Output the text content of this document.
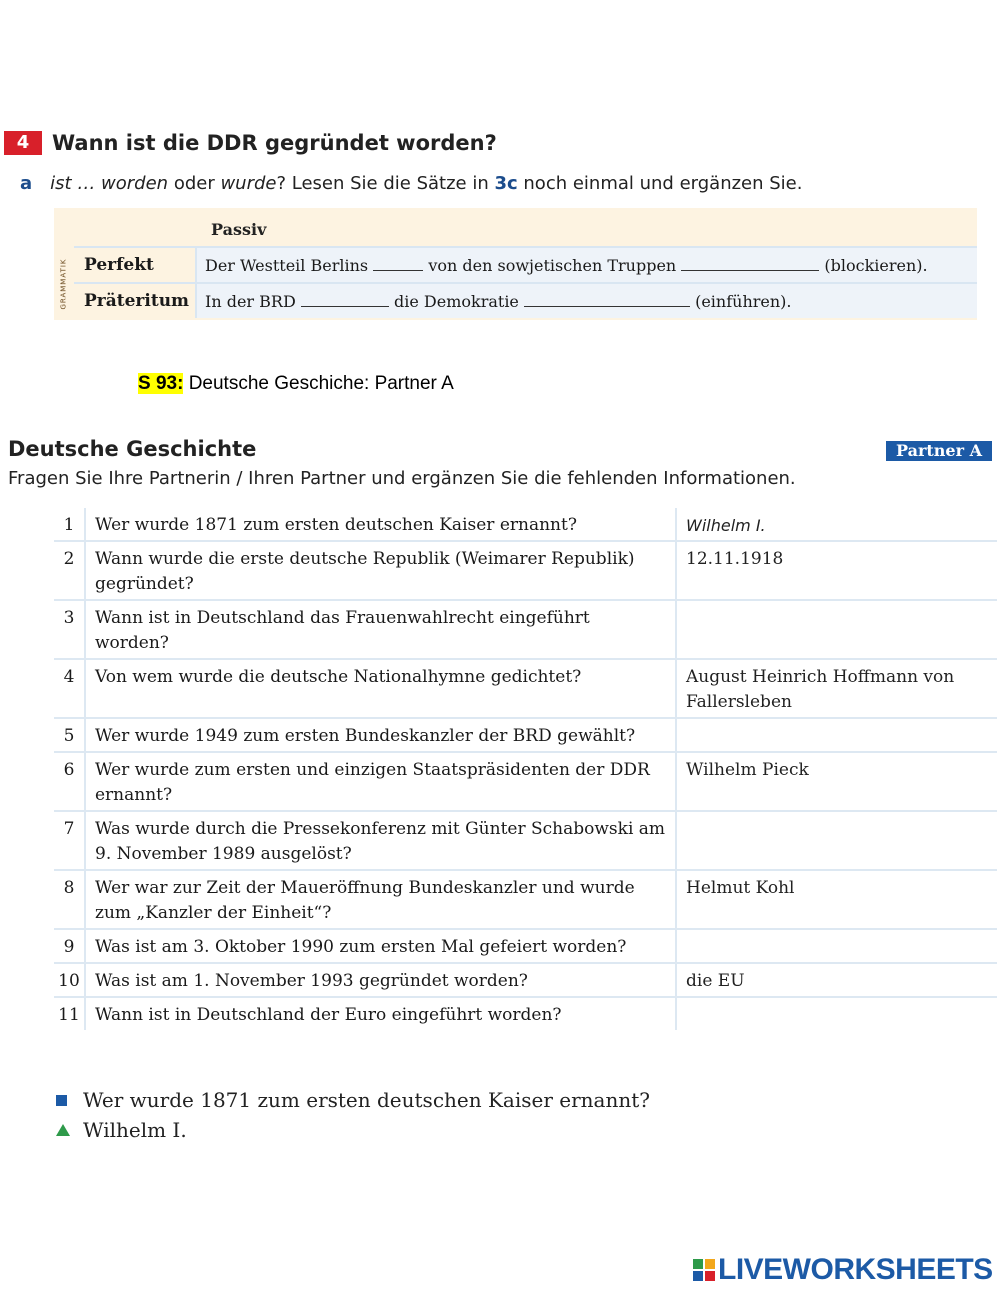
4	Wann ist die DDR gegründet worden?
a ist … worden oder wurde? Lesen Sie die Sätze in 3c noch einmal und ergänzen Sie.
GRAMMATIK
Passiv
Perfekt	Der Westteil Berlins	von den sowjetischen Truppen	(blockieren).
Präteritum In der BRD	die Demokratie	(einführen).
S 93: Deutsche Geschiche: Partner A
Deutsche Geschichte	Partner A
Fragen Sie Ihre Partnerin / Ihren Partner und ergänzen Sie die fehlenden Informationen.
1	Wer wurde 1871 zum ersten deutschen Kaiser ernannt?	Wilhelm I.
2	Wann wurde die erste deutsche Republik (Weimarer Republik) gegründet?	12.11.1918
3	Wann ist in Deutschland das Frauenwahlrecht eingeführt worden?	
4	Von wem wurde die deutsche Nationalhymne gedichtet?	August Heinrich Hoffmann von Fallersleben
5	Wer wurde 1949 zum ersten Bundeskanzler der BRD gewählt?	
6	Wer wurde zum ersten und einzigen Staatspräsidenten der DDR ernannt?	Wilhelm Pieck
7	Was wurde durch die Pressekonferenz mit Günter Schabowski am 9. November 1989 ausgelöst?	
8	Wer war zur Zeit der Maueröffnung Bundeskanzler und wurde zum „Kanzler der Einheit“?	Helmut Kohl
9	Was ist am 3. Oktober 1990 zum ersten Mal gefeiert worden?	
10	Was ist am 1. November 1993 gegründet worden?	die EU
11	Wann ist in Deutschland der Euro eingeführt worden?	
Wer wurde 1871 zum ersten deutschen Kaiser ernannt?
Wilhelm I.
LIVEWORKSHEETS
